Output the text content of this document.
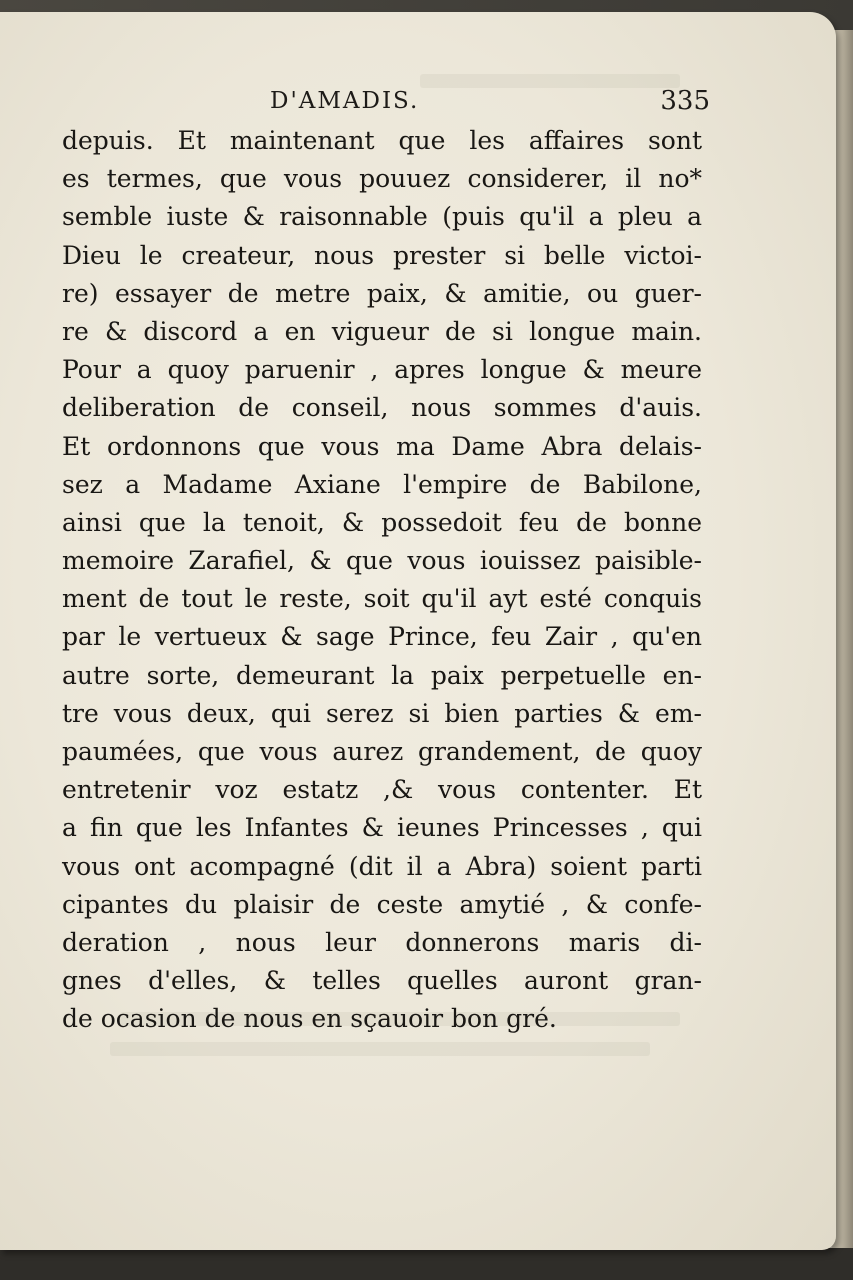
D'AMADIS.	335
depuis. Et maintenant que les affaires sont
es termes, que vous pouuez considerer, il no*
semble iuste & raisonnable (puis qu'il a pleu a
Dieu le createur, nous prester si belle victoi-
re) essayer de metre paix, & amitie, ou guer-
re & discord a en vigueur de si longue main.
Pour a quoy paruenir , apres longue & meure
deliberation de conseil, nous sommes d'auis.
Et ordonnons que vous ma Dame Abra delais-
sez a Madame Axiane l'empire de Babilone,
ainsi que la tenoit, & possedoit feu de bonne
memoire Zarafiel, & que vous iouissez paisible-
ment de tout le reste, soit qu'il ayt esté conquis
par le vertueux & sage Prince, feu Zair , qu'en
autre sorte, demeurant la paix perpetuelle en-
tre vous deux, qui serez si bien parties & em-
paumées, que vous aurez grandement, de quoy
entretenir voz estatz ,& vous contenter. Et
a fin que les Infantes & ieunes Princesses , qui
vous ont acompagné (dit il a Abra) soient parti
cipantes du plaisir de ceste amytié , & confe-
deration , nous leur donnerons maris di-
gnes d'elles, & telles quelles auront gran-
de ocasion de nous en sçauoir bon gré.
